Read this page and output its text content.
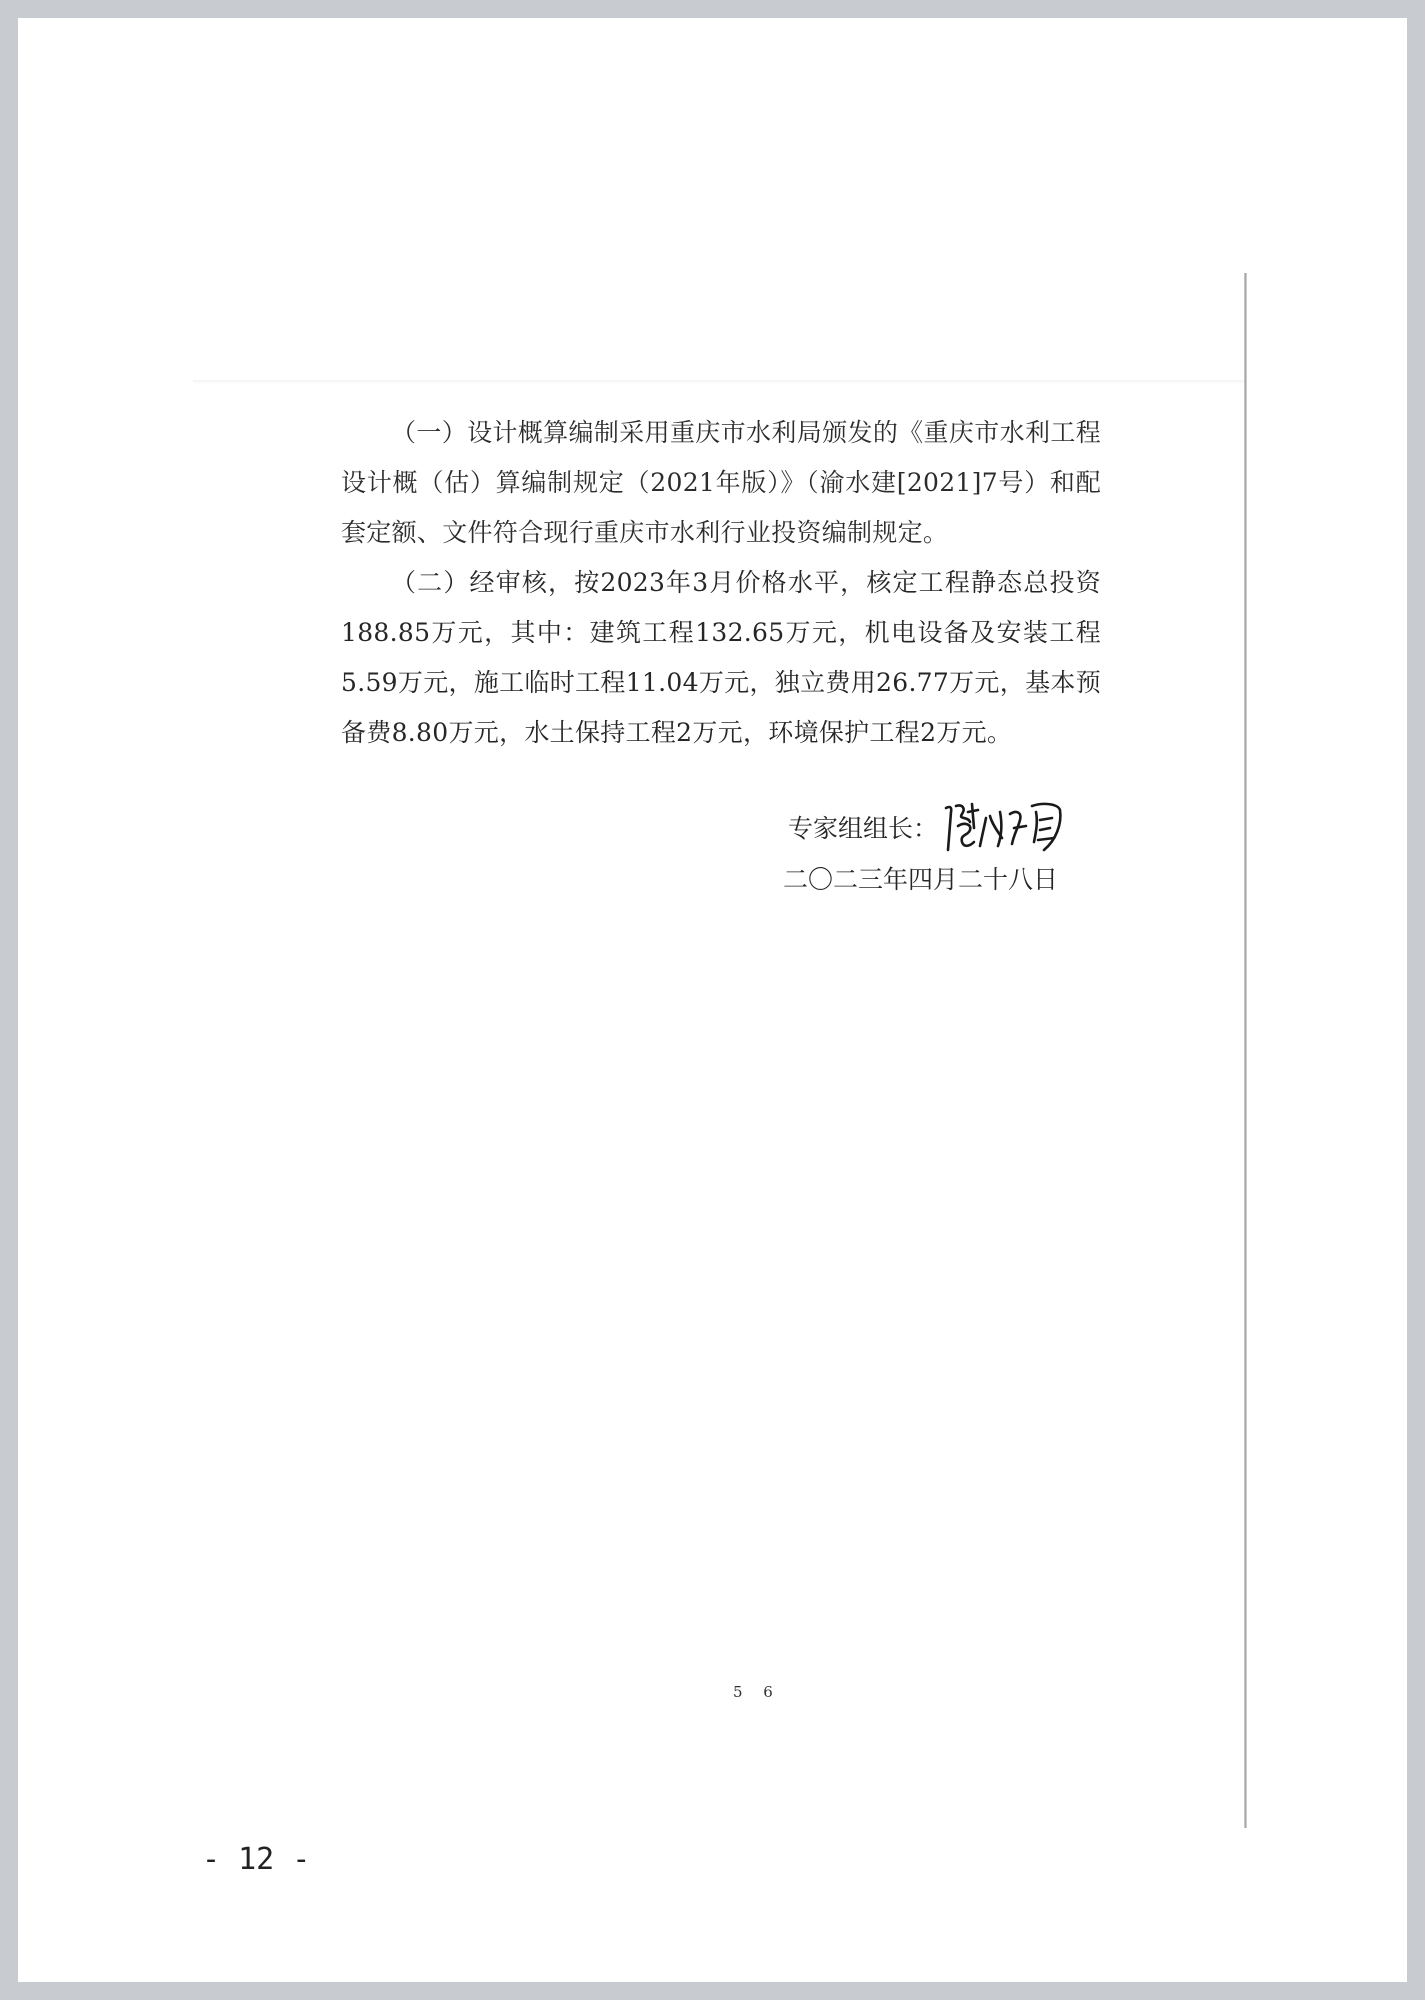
（一）设计概算编制采用重庆市水利局颁发的《重庆市水利工程设计概（估）算编制规定（2021年版）》（渝水建[2021]7号）和配套定额、文件符合现行重庆市水利行业投资编制规定。

（二）经审核，按2023年3月价格水平，核定工程静态总投资188.85万元，其中：建筑工程132.65万元，机电设备及安装工程5.59万元，施工临时工程11.04万元，独立费用26.77万元，基本预备费8.80万元，水土保持工程2万元，环境保护工程2万元。

专家组组长：
二〇二三年四月二十八日
5 6
- 12 -
